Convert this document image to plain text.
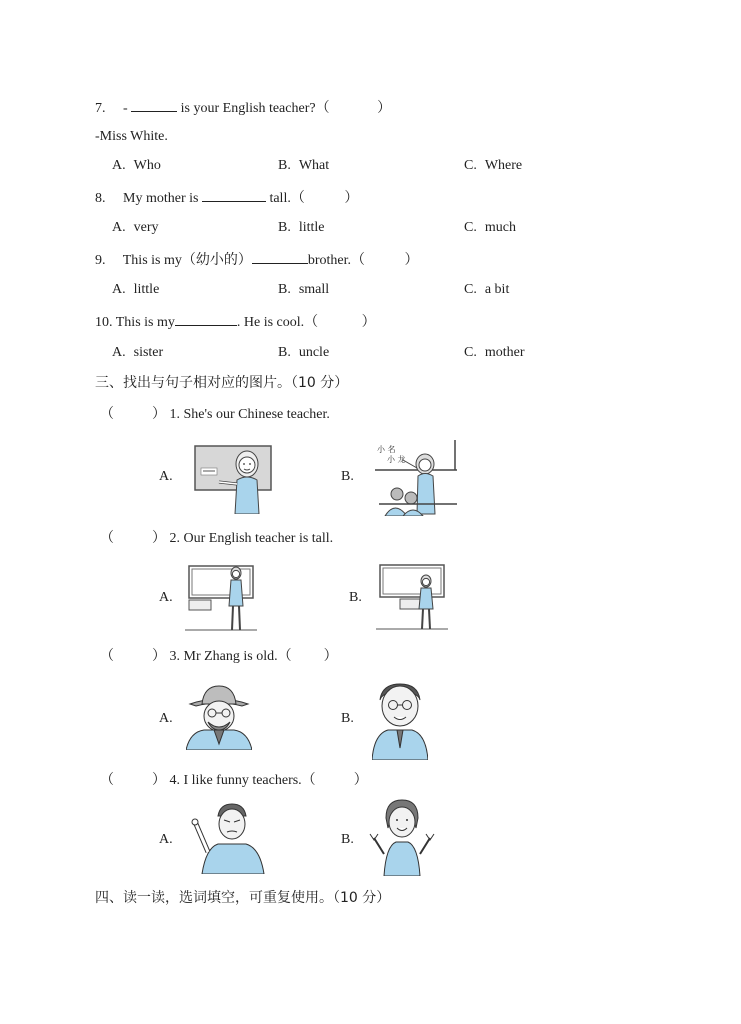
7. -	is your English teacher?（	）
-Miss White.
A. Who	B. What	C. Where
8. My mother is	tall.（	）
A. very	B. little	C. much
9. This is my（幼小的）	brother.（	）
A. little	B. small	C. a bit
10. This is my	. He is cool.（	）
A. sister	B. uncle	C. mother
三、找出与句子相对应的图片。（10 分）
（	） 1. She's our Chinese teacher.
A.	B.
小 名
小 龙
（	） 2. Our English teacher is tall.
A.	B.
（	） 3. Mr Zhang is old.（ ）
A.	B.
（	） 4. I like funny teachers.（	）
A.	B.
四、读一读，选词填空，可重复使用。（10 分）
